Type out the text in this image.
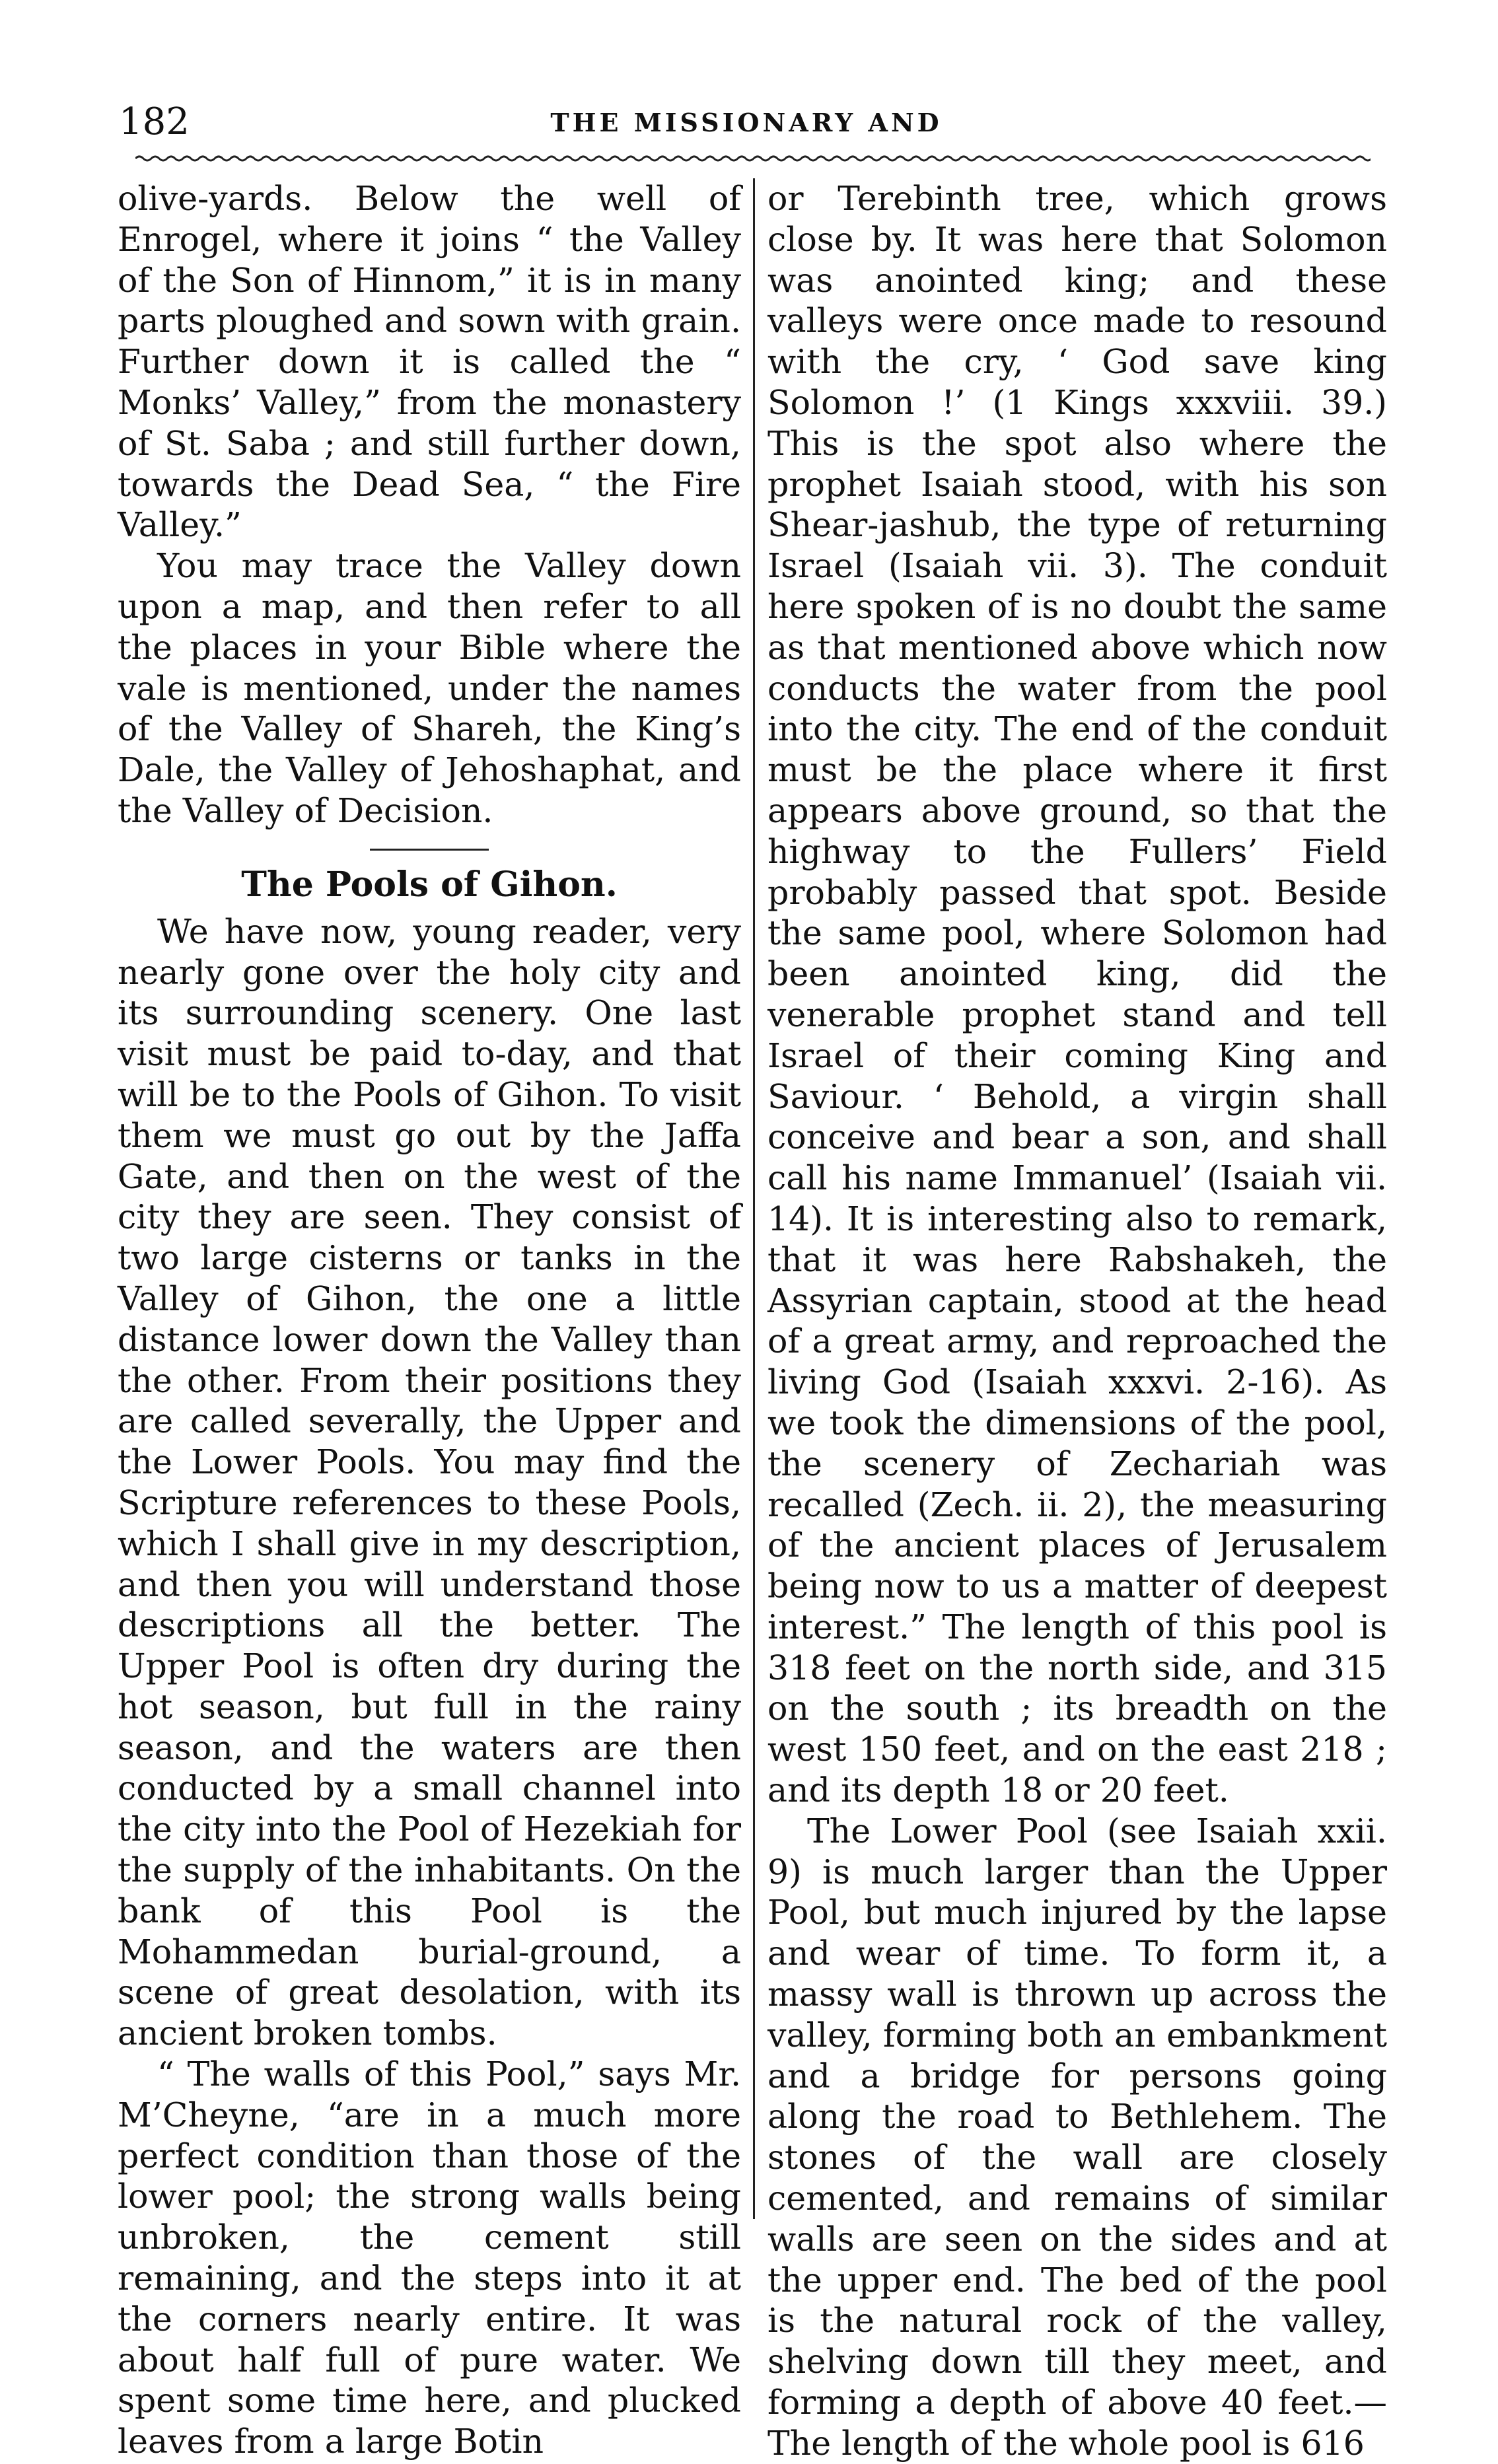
182	THE MISSIONARY AND

olive-yards. Below the well of Enrogel, where it joins “ the Valley of the Son of Hinnom,” it is in many parts ploughed and sown with grain. Further down it is called the “ Monks’ Valley,” from the monastery of St. Saba ; and still further down, towards the Dead Sea, “ the Fire Valley.”

You may trace the Valley down upon a map, and then refer to all the places in your Bible where the vale is mentioned, under the names of the Valley of Shareh, the King’s Dale, the Valley of Jehoshaphat, and the Valley of Decision.

The Pools of Gihon.

We have now, young reader, very nearly gone over the holy city and its surrounding scenery. One last visit must be paid to-day, and that will be to the Pools of Gihon. To visit them we must go out by the Jaffa Gate, and then on the west of the city they are seen. They consist of two large cisterns or tanks in the Valley of Gihon, the one a little distance lower down the Valley than the other. From their positions they are called severally, the Upper and the Lower Pools. You may find the Scripture references to these Pools, which I shall give in my description, and then you will understand those descriptions all the better. The Upper Pool is often dry during the hot season, but full in the rainy season, and the waters are then conducted by a small channel into the city into the Pool of Hezekiah for the supply of the inhabitants. On the bank of this Pool is the Mohammedan burial-ground, a scene of great desolation, with its ancient broken tombs.

“ The walls of this Pool,” says Mr. M’Cheyne, “are in a much more perfect condition than those of the lower pool; the strong walls being unbroken, the cement still remaining, and the steps into it at the corners nearly entire. It was about half full of pure water. We spent some time here, and plucked leaves from a large Botin

or Terebinth tree, which grows close by. It was here that Solomon was anointed king; and these valleys were once made to resound with the cry, ‘ God save king Solomon !’ (1 Kings xxxviii. 39.) This is the spot also where the prophet Isaiah stood, with his son Shear-jashub, the type of returning Israel (Isaiah vii. 3). The conduit here spoken of is no doubt the same as that mentioned above which now conducts the water from the pool into the city. The end of the conduit must be the place where it first appears above ground, so that the highway to the Fullers’ Field probably passed that spot. Beside the same pool, where Solomon had been anointed king, did the venerable prophet stand and tell Israel of their coming King and Saviour. ‘ Behold, a virgin shall conceive and bear a son, and shall call his name Immanuel’ (Isaiah vii. 14). It is interesting also to remark, that it was here Rabshakeh, the Assyrian captain, stood at the head of a great army, and reproached the living God (Isaiah xxxvi. 2-16). As we took the dimensions of the pool, the scenery of Zechariah was recalled (Zech. ii. 2), the measuring of the ancient places of Jerusalem being now to us a matter of deepest interest.” The length of this pool is 318 feet on the north side, and 315 on the south ; its breadth on the west 150 feet, and on the east 218 ; and its depth 18 or 20 feet.

The Lower Pool (see Isaiah xxii. 9) is much larger than the Upper Pool, but much injured by the lapse and wear of time. To form it, a massy wall is thrown up across the valley, forming both an embankment and a bridge for persons going along the road to Bethlehem. The stones of the wall are closely cemented, and remains of similar walls are seen on the sides and at the upper end. The bed of the pool is the natural rock of the valley, shelving down till they meet, and forming a depth of above 40 feet.— The length of the whole pool is 616
